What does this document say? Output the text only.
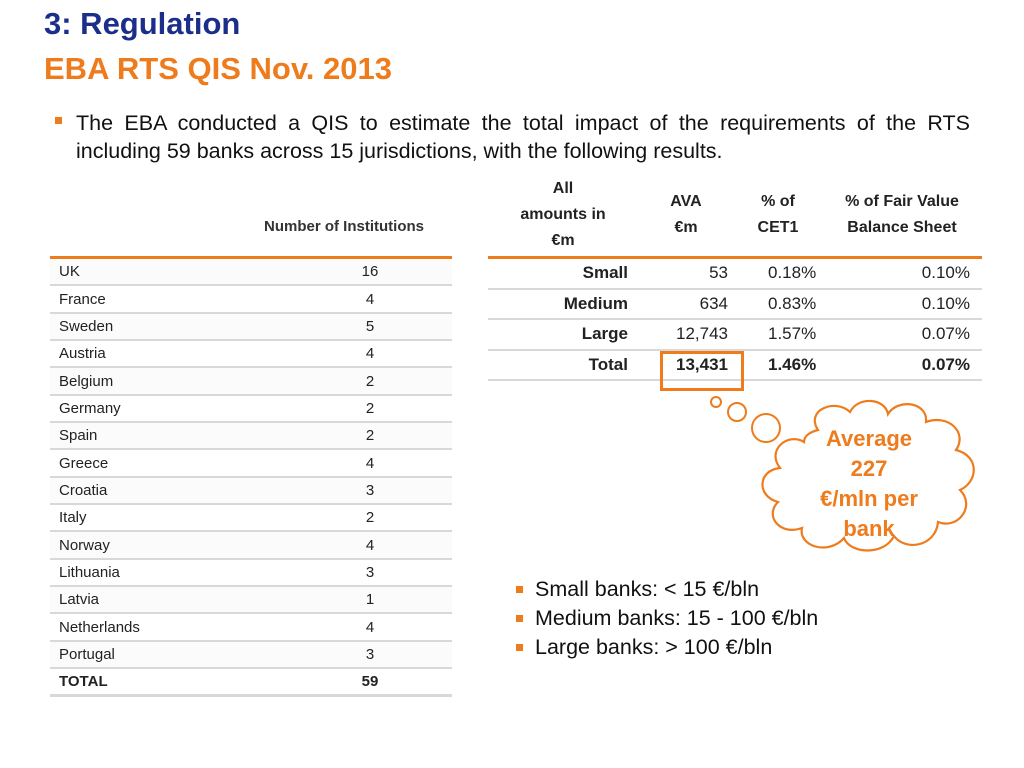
3: Regulation
EBA RTS QIS Nov. 2013
The EBA conducted a QIS to estimate the total impact of the requirements of the RTS including 59 banks across 15 jurisdictions, with the following results.
Number of Institutions
UK	16
France	4
Sweden	5
Austria	4
Belgium	2
Germany	2
Spain	2
Greece	4
Croatia	3
Italy	2
Norway	4
Lithuania	3
Latvia	1
Netherlands	4
Portugal	3
TOTAL	59
All
amounts in
€m
AVA
€m
% of
CET1
% of Fair Value
Balance Sheet
Small	53	0.18%	0.10%
Medium	634	0.83%	0.10%
Large	12,743	1.57%	0.07%
Total	13,431	1.46%	0.07%
Average
227
€/mln per
bank
Small banks: < 15 €/bln
Medium banks: 15 - 100 €/bln
Large banks: > 100 €/bln
